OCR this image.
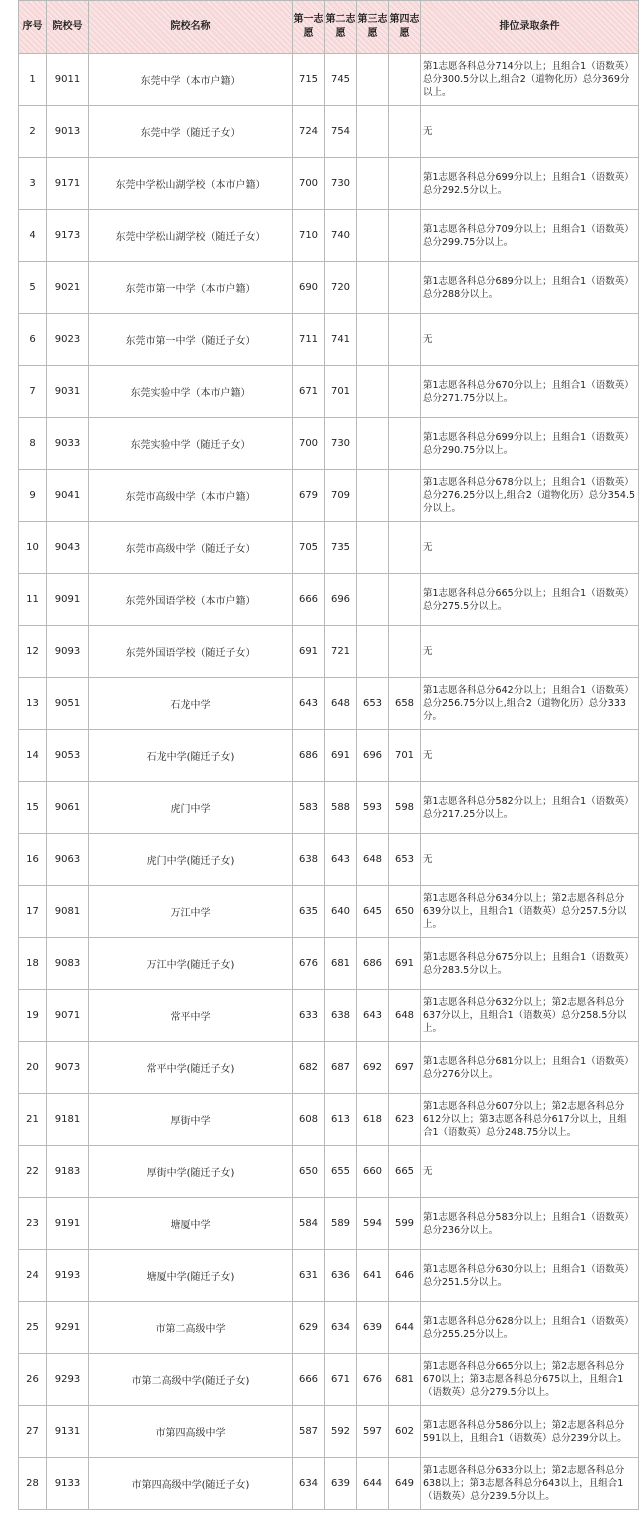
序号	院校号	院校名称	第一志愿	第二志愿	第三志愿	第四志愿	排位录取条件
1	9011	东莞中学（本市户籍）	715	745			第1志愿各科总分714分以上；且组合1（语数英）总分300.5分以上,组合2（道物化历）总分369分以上。
2	9013	东莞中学（随迁子女）	724	754			无
3	9171	东莞中学松山湖学校（本市户籍）	700	730			第1志愿各科总分699分以上；且组合1（语数英）总分292.5分以上。
4	9173	东莞中学松山湖学校（随迁子女）	710	740			第1志愿各科总分709分以上；且组合1（语数英）总分299.75分以上。
5	9021	东莞市第一中学（本市户籍）	690	720			第1志愿各科总分689分以上；且组合1（语数英）总分288分以上。
6	9023	东莞市第一中学（随迁子女）	711	741			无
7	9031	东莞实验中学（本市户籍）	671	701			第1志愿各科总分670分以上；且组合1（语数英）总分271.75分以上。
8	9033	东莞实验中学（随迁子女）	700	730			第1志愿各科总分699分以上；且组合1（语数英）总分290.75分以上。
9	9041	东莞市高级中学（本市户籍）	679	709			第1志愿各科总分678分以上；且组合1（语数英）总分276.25分以上,组合2（道物化历）总分354.5分以上。
10	9043	东莞市高级中学（随迁子女）	705	735			无
11	9091	东莞外国语学校（本市户籍）	666	696			第1志愿各科总分665分以上；且组合1（语数英）总分275.5分以上。
12	9093	东莞外国语学校（随迁子女）	691	721			无
13	9051	石龙中学	643	648	653	658	第1志愿各科总分642分以上；且组合1（语数英）总分256.75分以上,组合2（道物化历）总分333分。
14	9053	石龙中学(随迁子女)	686	691	696	701	无
15	9061	虎门中学	583	588	593	598	第1志愿各科总分582分以上；且组合1（语数英）总分217.25分以上。
16	9063	虎门中学(随迁子女)	638	643	648	653	无
17	9081	万江中学	635	640	645	650	第1志愿各科总分634分以上；第2志愿各科总分639分以上，且组合1（语数英）总分257.5分以上。
18	9083	万江中学(随迁子女)	676	681	686	691	第1志愿各科总分675分以上；且组合1（语数英）总分283.5分以上。
19	9071	常平中学	633	638	643	648	第1志愿各科总分632分以上；第2志愿各科总分637分以上，且组合1（语数英）总分258.5分以上。
20	9073	常平中学(随迁子女)	682	687	692	697	第1志愿各科总分681分以上；且组合1（语数英）总分276分以上。
21	9181	厚街中学	608	613	618	623	第1志愿各科总分607分以上；第2志愿各科总分612分以上；第3志愿各科总分617分以上，且组合1（语数英）总分248.75分以上。
22	9183	厚街中学(随迁子女)	650	655	660	665	无
23	9191	塘厦中学	584	589	594	599	第1志愿各科总分583分以上；且组合1（语数英）总分236分以上。
24	9193	塘厦中学(随迁子女)	631	636	641	646	第1志愿各科总分630分以上；且组合1（语数英）总分251.5分以上。
25	9291	市第二高级中学	629	634	639	644	第1志愿各科总分628分以上；且组合1（语数英）总分255.25分以上。
26	9293	市第二高级中学(随迁子女)	666	671	676	681	第1志愿各科总分665分以上；第2志愿各科总分670以上；第3志愿各科总分675以上，且组合1（语数英）总分279.5分以上。
27	9131	市第四高级中学	587	592	597	602	第1志愿各科总分586分以上；第2志愿各科总分591以上，且组合1（语数英）总分239分以上。
28	9133	市第四高级中学(随迁子女)	634	639	644	649	第1志愿各科总分633分以上；第2志愿各科总分638以上；第3志愿各科总分643以上，且组合1（语数英）总分239.5分以上。
